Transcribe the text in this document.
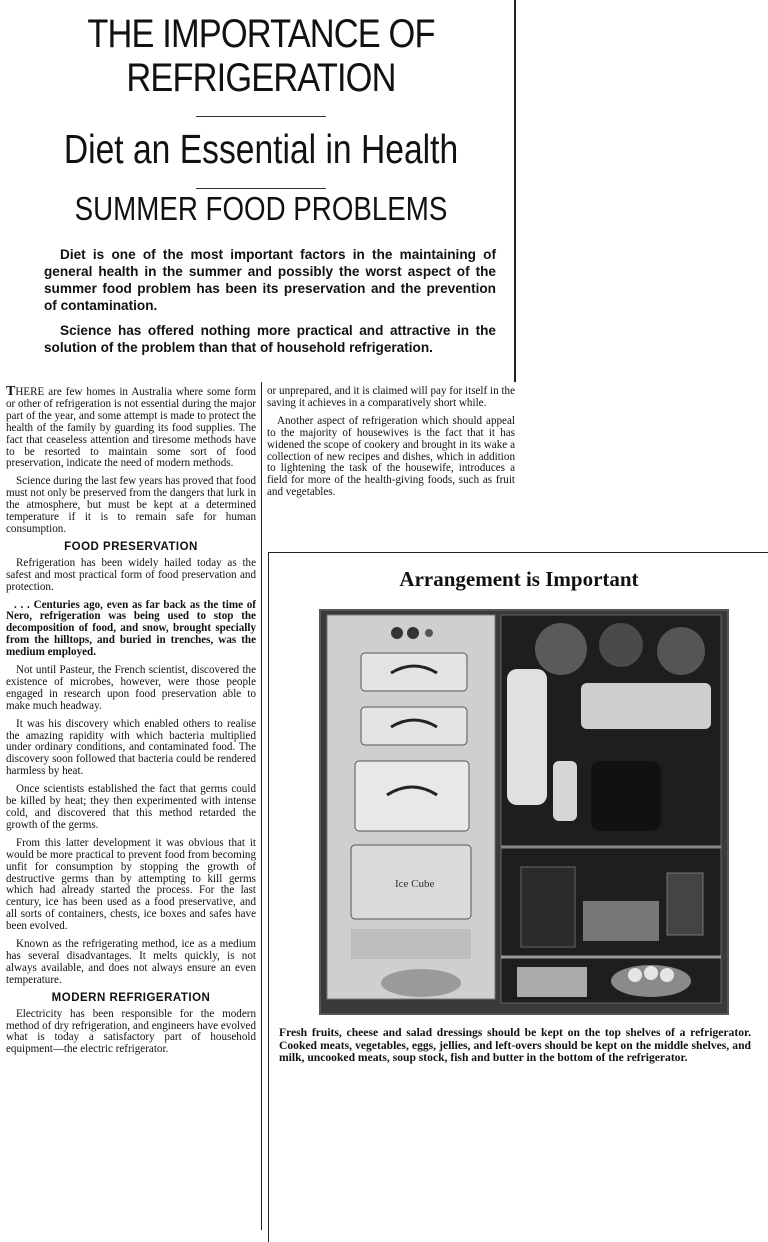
THE IMPORTANCE OF
REFRIGERATION
Diet an Essential in Health
SUMMER FOOD PROBLEMS

Diet is one of the most important factors in the maintaining of general health in the summer and possibly the worst aspect of the summer food problem has been its preservation and the prevention of contamination.

Science has offered nothing more practical and attractive in the solution of the problem than that of household refrigeration.

THERE are few homes in Australia where some form or other of refrigeration is not essential during the major part of the year, and some attempt is made to protect the health of the family by guarding its food supplies. The fact that ceaseless attention and tiresome methods have to be resorted to maintain some sort of food preservation, indicate the need of modern methods.

Science during the last few years has proved that food must not only be preserved from the dangers that lurk in the atmosphere, but must be kept at a determined temperature if it is to remain safe for human consumption.

FOOD PRESERVATION

Refrigeration has been widely hailed today as the safest and most practical form of food preservation and protection.

. . . Centuries ago, even as far back as the time of Nero, refrigeration was being used to stop the decomposition of food, and snow, brought specially from the hilltops, and buried in trenches, was the medium employed.

Not until Pasteur, the French scientist, discovered the existence of microbes, however, were those people engaged in research upon food preservation able to make much headway.

It was his discovery which enabled others to realise the amazing rapidity with which bacteria multiplied under ordinary conditions, and contaminated food. The discovery soon followed that bacteria could be rendered harmless by heat.

Once scientists established the fact that germs could be killed by heat; they then experimented with intense cold, and discovered that this method retarded the growth of the germs.

From this latter development it was obvious that it would be more practical to prevent food from becoming unfit for consumption by stopping the growth of destructive germs than by attempting to kill germs which had already started the process. For the last century, ice has been used as a food preservative, and all sorts of containers, chests, ice boxes and safes have been evolved.

Known as the refrigerating method, ice as a medium has several disadvantages. It melts quickly, is not always available, and does not always ensure an even temperature.

MODERN REFRIGERATION

Electricity has been responsible for the modern method of dry refrigeration, and engineers have evolved what is today a satisfactory part of household equipment—the electric refrigerator.

or unprepared, and it is claimed will pay for itself in the saving it achieves in a comparatively short while.

Another aspect of refrigeration which should appeal to the majority of housewives is the fact that it has widened the scope of cookery and brought in its wake a collection of new recipes and dishes, which in addition to lightening the task of the housewife, introduces a field for more of the health-giving foods, such as fruit and vegetables.

Arrangement is Important
Ice Cube
Fresh fruits, cheese and salad dressings should be kept on the top shelves of a refrigerator. Cooked meats, vegetables, eggs, jellies, and left-overs should be kept on the middle shelves, and milk, uncooked meats, soup stock, fish and butter in the bottom of the refrigerator.
